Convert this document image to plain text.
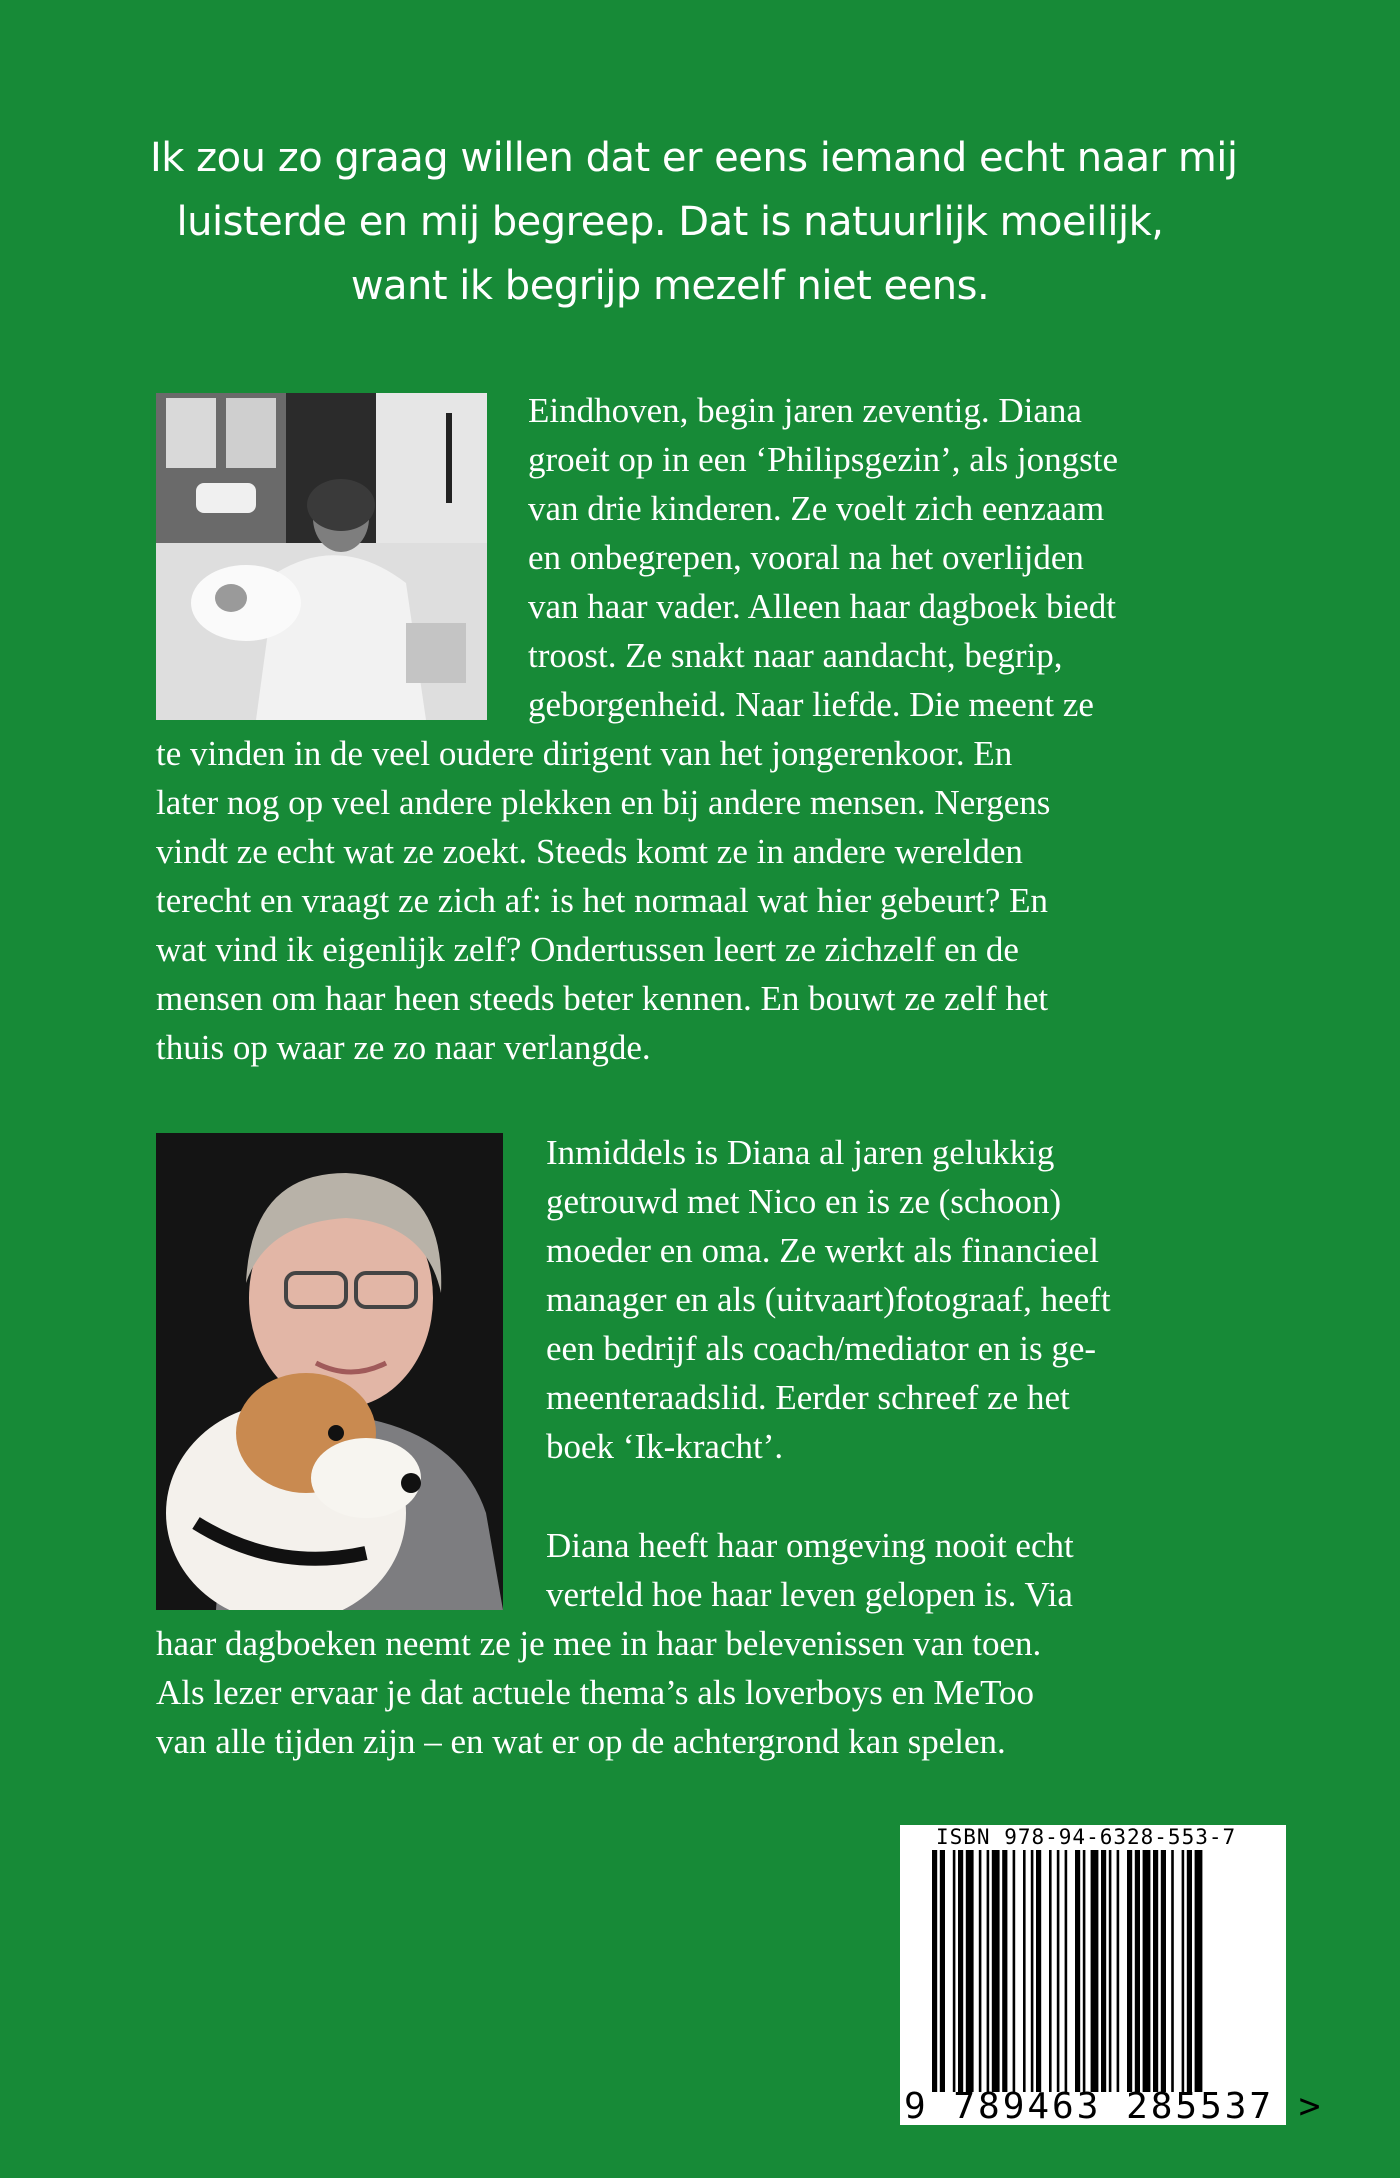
Ik zou zo graag willen dat er eens iemand echt naar mij
luisterde en mij begreep. Dat is natuurlijk moeilijk,
want ik begrijp mezelf niet eens.
Eindhoven, begin jaren zeventig. Diana
groeit op in een ‘Philipsgezin’, als jongste
van drie kinderen. Ze voelt zich eenzaam
en onbegrepen, vooral na het overlijden
van haar vader. Alleen haar dagboek biedt
troost. Ze snakt naar aandacht, begrip,
geborgenheid. Naar liefde. Die meent ze
te vinden in de veel oudere dirigent van het jongerenkoor. En
later nog op veel andere plekken en bij andere mensen. Nergens
vindt ze echt wat ze zoekt. Steeds komt ze in andere werelden
terecht en vraagt ze zich af: is het normaal wat hier gebeurt? En
wat vind ik eigenlijk zelf? Ondertussen leert ze zichzelf en de
mensen om haar heen steeds beter kennen. En bouwt ze zelf het
thuis op waar ze zo naar verlangde.
Inmiddels is Diana al jaren gelukkig
getrouwd met Nico en is ze (schoon)
moeder en oma. Ze werkt als financieel
manager en als (uitvaart)fotograaf, heeft
een bedrijf als coach/mediator en is ge-
meenteraadslid. Eerder schreef ze het
boek ‘Ik-kracht’.
Diana heeft haar omgeving nooit echt
verteld hoe haar leven gelopen is. Via
haar dagboeken neemt ze je mee in haar belevenissen van toen.
Als lezer ervaar je dat actuele thema’s als loverboys en MeToo
van alle tijden zijn – en wat er op de achtergrond kan spelen.
ISBN 978-94-6328-553-7
9 789463 285537 >
